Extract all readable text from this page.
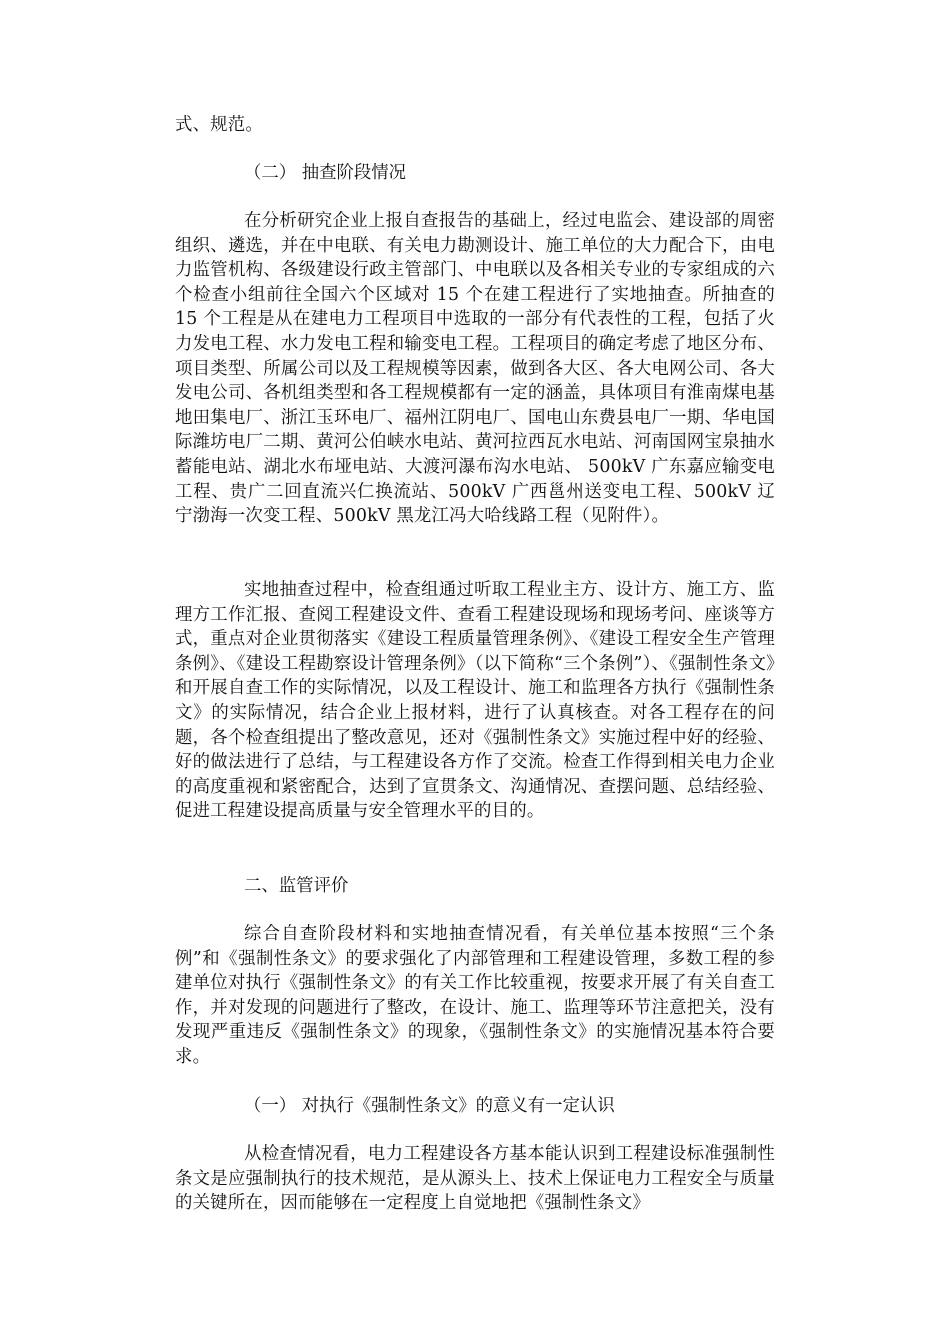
式、规范。

（二） 抽查阶段情况

在分析研究企业上报自查报告的基础上，经过电监会、建设部的周密组织、遴选，并在中电联、有关电力勘测设计、施工单位的大力配合下，由电力监管机构、各级建设行政主管部门、中电联以及各相关专业的专家组成的六个检查小组前往全国六个区域对 15 个在建工程进行了实地抽查。所抽查的 15 个工程是从在建电力工程项目中选取的一部分有代表性的工程，包括了火力发电工程、水力发电工程和输变电工程。工程项目的确定考虑了地区分布、项目类型、所属公司以及工程规模等因素，做到各大区、各大电网公司、各大发电公司、各机组类型和各工程规模都有一定的涵盖，具体项目有淮南煤电基地田集电厂、浙江玉环电厂、福州江阴电厂、国电山东费县电厂一期、华电国际潍坊电厂二期、黄河公伯峡水电站、黄河拉西瓦水电站、河南国网宝泉抽水蓄能电站、湖北水布垭电站、大渡河瀑布沟水电站、 500kV 广东嘉应输变电工程、贵广二回直流兴仁换流站、500kV 广西邕州送变电工程、500kV 辽宁渤海一次变工程、500kV 黑龙江冯大哈线路工程（见附件）。

实地抽查过程中，检查组通过听取工程业主方、设计方、施工方、监理方工作汇报、查阅工程建设文件、查看工程建设现场和现场考问、座谈等方式，重点对企业贯彻落实《建设工程质量管理条例》、《建设工程安全生产管理条例》、《建设工程勘察设计管理条例》（以下简称“三个条例”）、《强制性条文》和开展自查工作的实际情况，以及工程设计、施工和监理各方执行《强制性条文》的实际情况，结合企业上报材料，进行了认真核查。对各工程存在的问题，各个检查组提出了整改意见，还对《强制性条文》实施过程中好的经验、好的做法进行了总结，与工程建设各方作了交流。检查工作得到相关电力企业的高度重视和紧密配合，达到了宣贯条文、沟通情况、查摆问题、总结经验、促进工程建设提高质量与安全管理水平的目的。

二、监管评价

综合自查阶段材料和实地抽查情况看，有关单位基本按照“三个条例”和《强制性条文》的要求强化了内部管理和工程建设管理，多数工程的参建单位对执行《强制性条文》的有关工作比较重视，按要求开展了有关自查工作，并对发现的问题进行了整改，在设计、施工、监理等环节注意把关，没有发现严重违反《强制性条文》的现象，《强制性条文》的实施情况基本符合要求。

（一） 对执行《强制性条文》的意义有一定认识

从检查情况看，电力工程建设各方基本能认识到工程建设标准强制性条文是应强制执行的技术规范，是从源头上、技术上保证电力工程安全与质量的关键所在，因而能够在一定程度上自觉地把《强制性条文》
